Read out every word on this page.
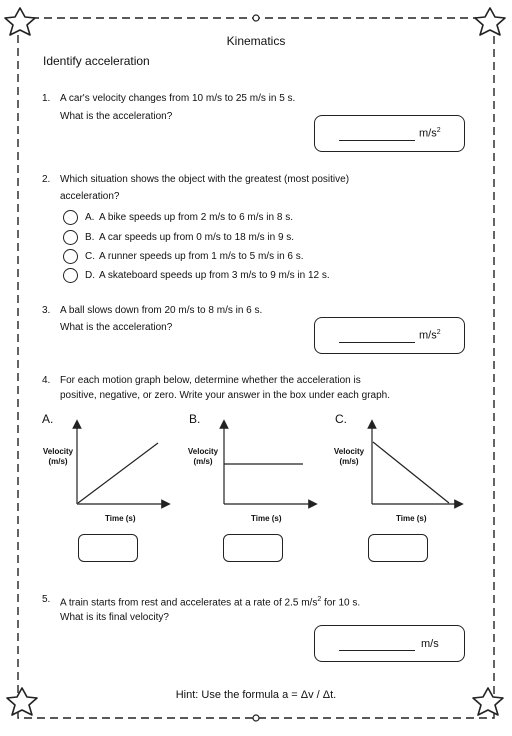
Kinematics
Identify acceleration
1. A car's velocity changes from 10 m/s to 25 m/s in 5 s.
What is the acceleration?
$m/s^2$
2. Which situation shows the object with the greatest (most positive)
acceleration?
A. A bike speeds up from 2 m/s to 6 m/s in 8 s.
B. A car speeds up from 0 m/s to 18 m/s in 9 s.
C. A runner speeds up from 1 m/s to 5 m/s in 6 s.
D. A skateboard speeds up from 3 m/s to 9 m/s in 12 s.
3. A ball slows down from 20 m/s to 8 m/s in 6 s.
What is the acceleration?
$m/s^2$
4. For each motion graph below, determine whether the acceleration is
positive, negative, or zero. Write your answer in the box under each graph.
A.
Velocity
(m/s)
Time (s)
B.
Velocity
(m/s)
Time (s)
C.
Velocity
(m/s)
Time (s)
5. A train starts from rest and accelerates at a rate of 2.5 $m/s^2$ for 10 s.
What is its final velocity?
m/s
Hint: Use the formula a = Δv / Δt.
